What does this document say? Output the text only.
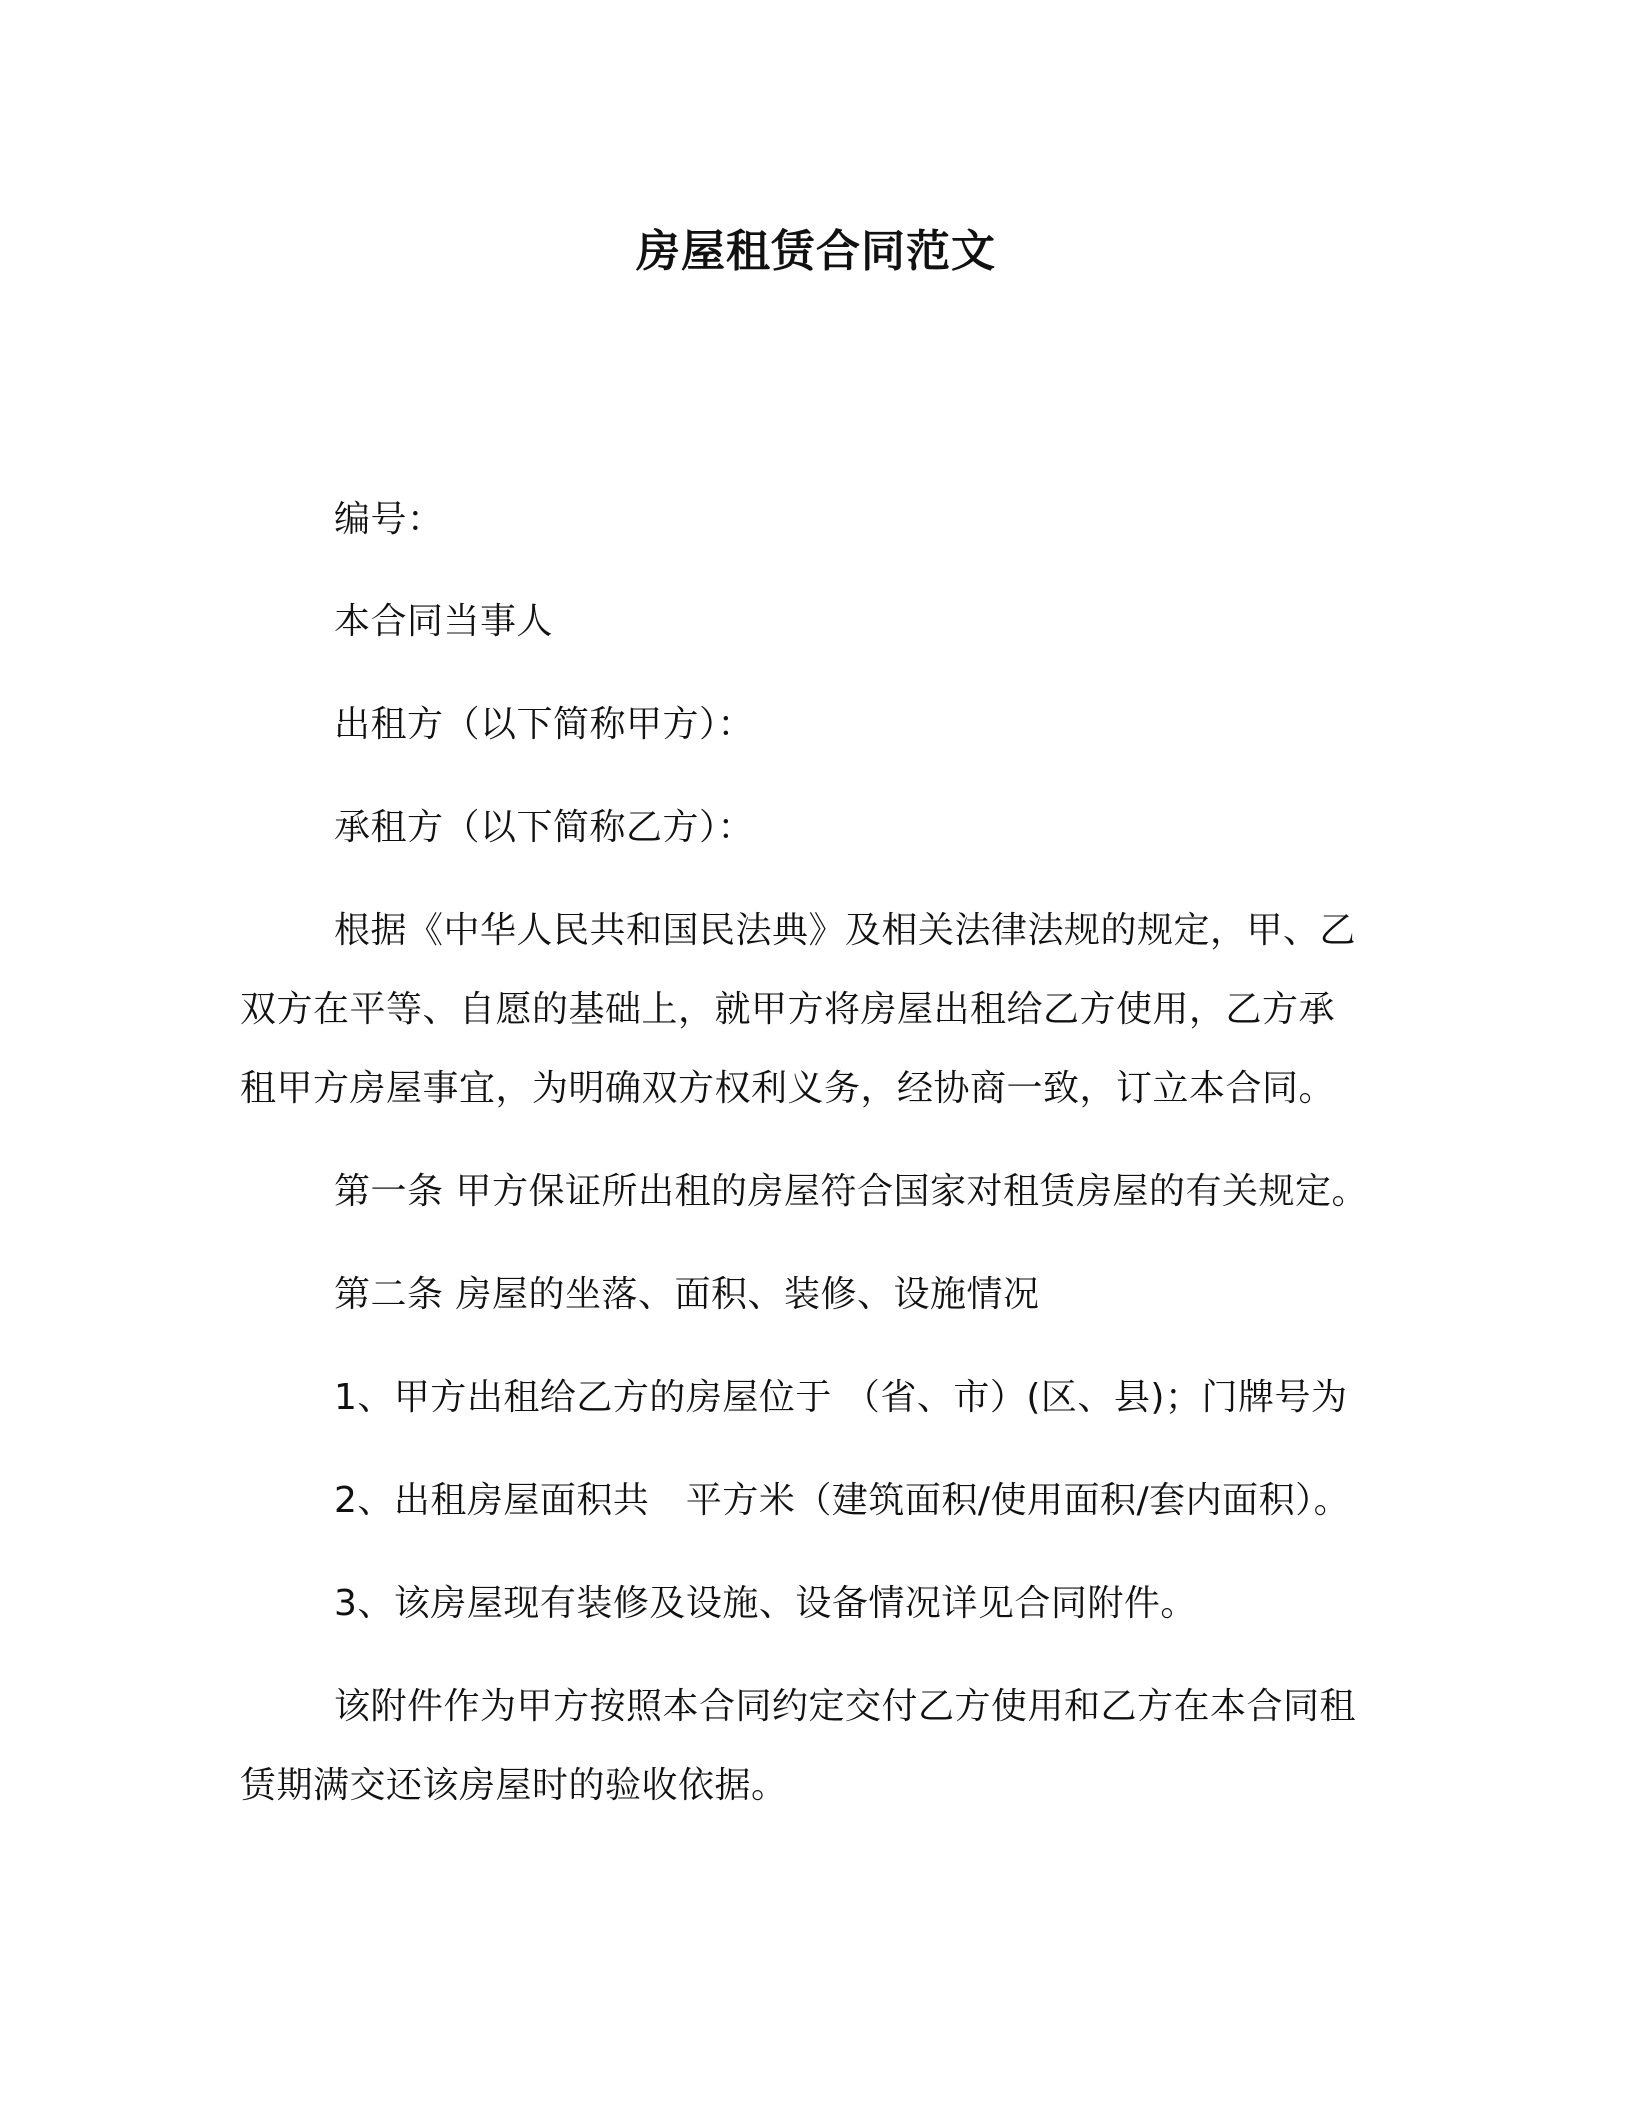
房屋租赁合同范文
编号：
本合同当事人
出租方（以下简称甲方）：
承租方（以下简称乙方）：
根据《中华人民共和国民法典》及相关法律法规的规定，甲、乙
双方在平等、自愿的基础上，就甲方将房屋出租给乙方使用，乙方承
租甲方房屋事宜，为明确双方权利义务，经协商一致，订立本合同。
第一条 甲方保证所出租的房屋符合国家对租赁房屋的有关规定。
第二条 房屋的坐落、面积、装修、设施情况
1、甲方出租给乙方的房屋位于 （省、市）(区、县)；门牌号为
2、出租房屋面积共　平方米（建筑面积/使用面积/套内面积）。
3、该房屋现有装修及设施、设备情况详见合同附件。
该附件作为甲方按照本合同约定交付乙方使用和乙方在本合同租
赁期满交还该房屋时的验收依据。
